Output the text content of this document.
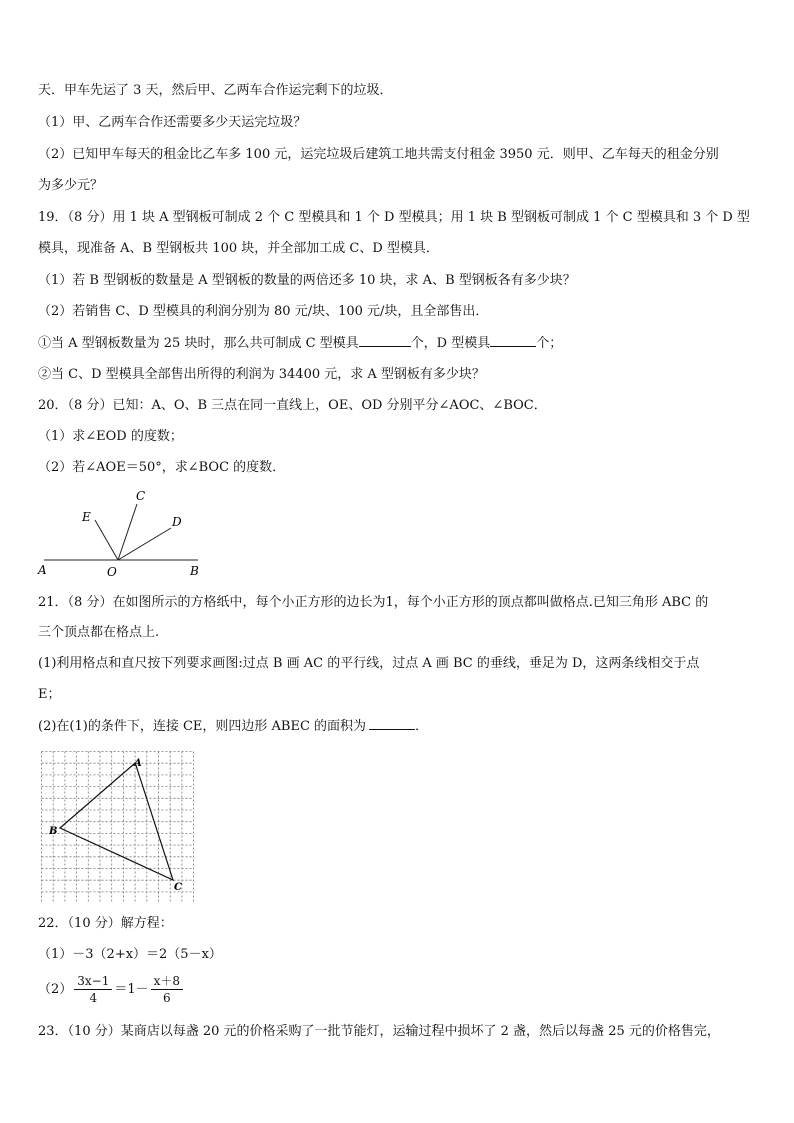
天．甲车先运了 3 天，然后甲、乙两车合作运完剩下的垃圾．
（1）甲、乙两车合作还需要多少天运完垃圾？
（2）已知甲车每天的租金比乙车多 100 元，运完垃圾后建筑工地共需支付租金 3950 元．则甲、乙车每天的租金分别
为多少元？
19．（8 分）用 1 块 A 型钢板可制成 2 个 C 型模具和 1 个 D 型模具；用 1 块 B 型钢板可制成 1 个 C 型模具和 3 个 D 型
模具，现准备 A、B 型钢板共 100 块，并全部加工成 C、D 型模具．
（1）若 B 型钢板的数量是 A 型钢板的数量的两倍还多 10 块，求 A、B 型钢板各有多少块？
（2）若销售 C、D 型模具的利润分别为 80 元/块、100 元/块，且全部售出．
①当 A 型钢板数量为 25 块时，那么共可制成 C 型模具	个，D 型模具	个；
②当 C、D 型模具全部售出所得的利润为 34400 元，求 A 型钢板有多少块？
20．（8 分）已知：A、O、B 三点在同一直线上，OE、OD 分别平分∠AOC、∠BOC．
（1）求∠EOD 的度数；
（2）若∠AOE＝50°，求∠BOC 的度数．
A	O	B
C
D
E
21．（8 分）在如图所示的方格纸中，每个小正方形的边长为1，每个小正方形的顶点都叫做格点.已知三角形 ABC 的
三个顶点都在格点上.
(1)利用格点和直尺按下列要求画图:过点 B 画 AC 的平行线，过点 A 画 BC 的垂线，垂足为 D，这两条线相交于点
E；
(2)在(1)的条件下，连接 CE，则四边形 ABEC 的面积为	．
A
B
C
22．（10 分）解方程：
（1）－3（2+x）＝2（5－x）
$(2) \frac{3x-1}{4} =1- \frac{x+8}{6}$
23．（10 分）某商店以每盏 20 元的价格采购了一批节能灯，运输过程中损坏了 2 盏，然后以每盏 25 元的价格售完，
